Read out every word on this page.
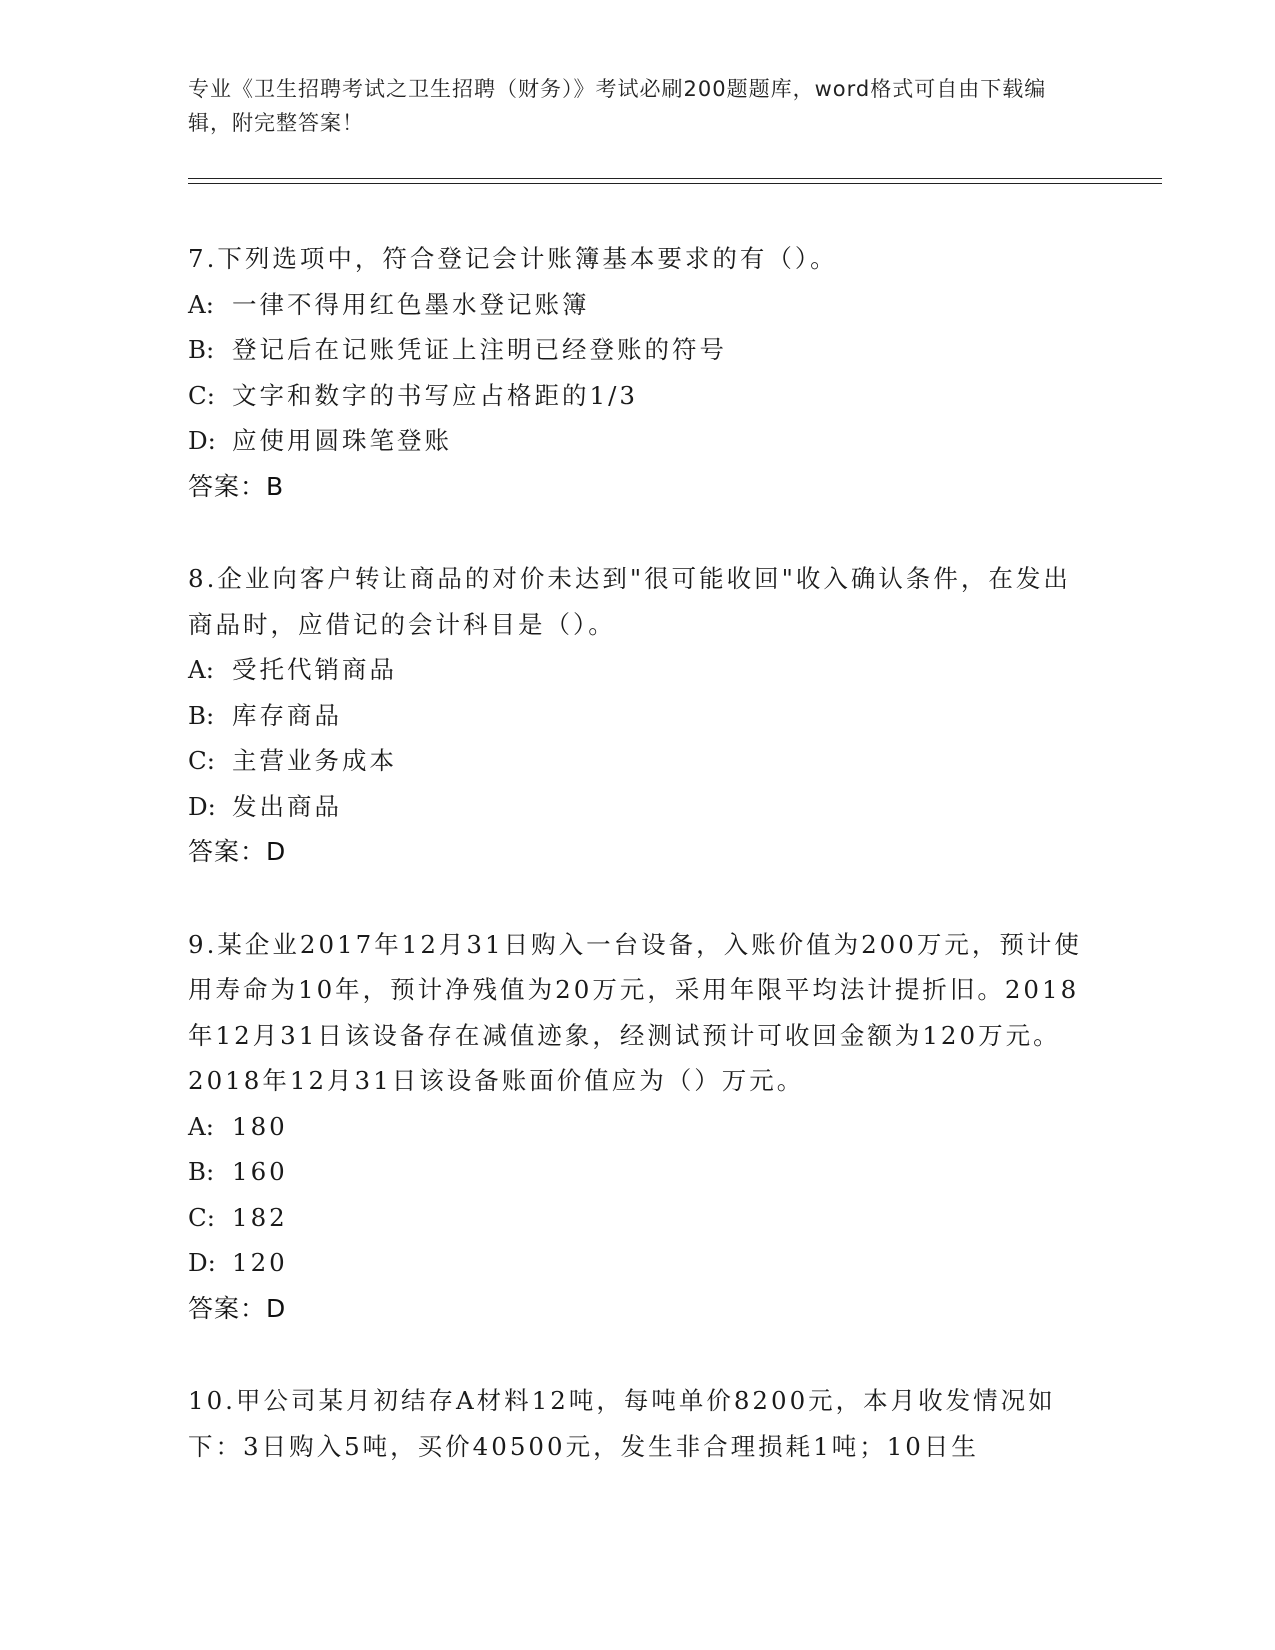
专业《卫生招聘考试之卫生招聘（财务）》考试必刷200题题库，word格式可自由下载编辑，附完整答案！

7.下列选项中，符合登记会计账簿基本要求的有（）。

A: 一律不得用红色墨水登记账簿

B: 登记后在记账凭证上注明已经登账的符号

C: 文字和数字的书写应占格距的1/3

D: 应使用圆珠笔登账

答案：B

8.企业向客户转让商品的对价未达到"很可能收回"收入确认条件，在发出商品时，应借记的会计科目是（）。

A: 受托代销商品

B: 库存商品

C: 主营业务成本

D: 发出商品

答案：D

9.某企业2017年12月31日购入一台设备，入账价值为200万元，预计使用寿命为10年，预计净残值为20万元，采用年限平均法计提折旧。2018年12月31日该设备存在减值迹象，经测试预计可收回金额为120万元。2018年12月31日该设备账面价值应为（）万元。

A: 180

B: 160

C: 182

D: 120

答案：D

10.甲公司某月初结存A材料12吨，每吨单价8200元，本月收发情况如下：3日购入5吨，买价40500元，发生非合理损耗1吨；10日生
